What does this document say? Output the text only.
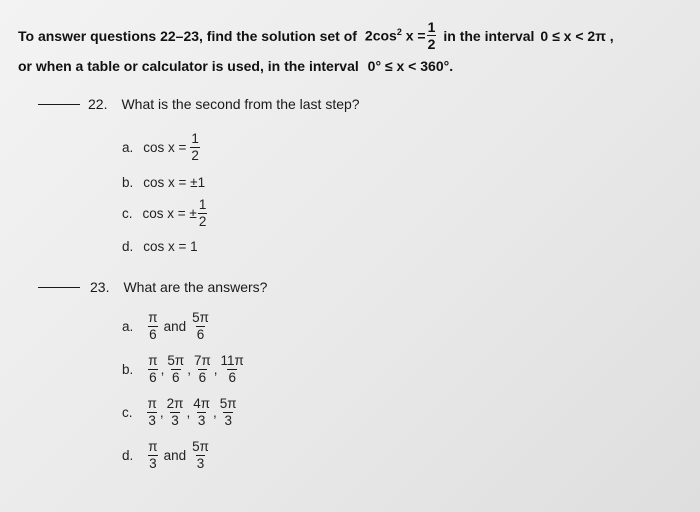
To answer questions 22–23, find the solution set of $2\cos^2$ $x = \frac{1}{2}$ in the interval 0 ≤ x < 2π ,
or when a table or calculator is used, in the interval 0° ≤ x < 360°.
22. What is the second from the last step?
a. $\cos x = \frac{1}{2}$
b. cos x = ±1
c. cos x = ± $\frac{1}{2}$
d. cos x = 1
23. What are the answers?
a. $\frac{\pi}{6}$ and $\frac{5\pi}{6}$
b. $\frac{\pi}{6}$ , $\frac{5\pi}{6}$ , $\frac{7\pi}{6}$ , $\frac{11\pi}{6}$
c. $\frac{\pi}{3}$ , $\frac{2\pi}{3}$ , $\frac{4\pi}{3}$ , $\frac{5\pi}{3}$
d. $\frac{\pi}{3}$ and $\frac{5\pi}{3}$
